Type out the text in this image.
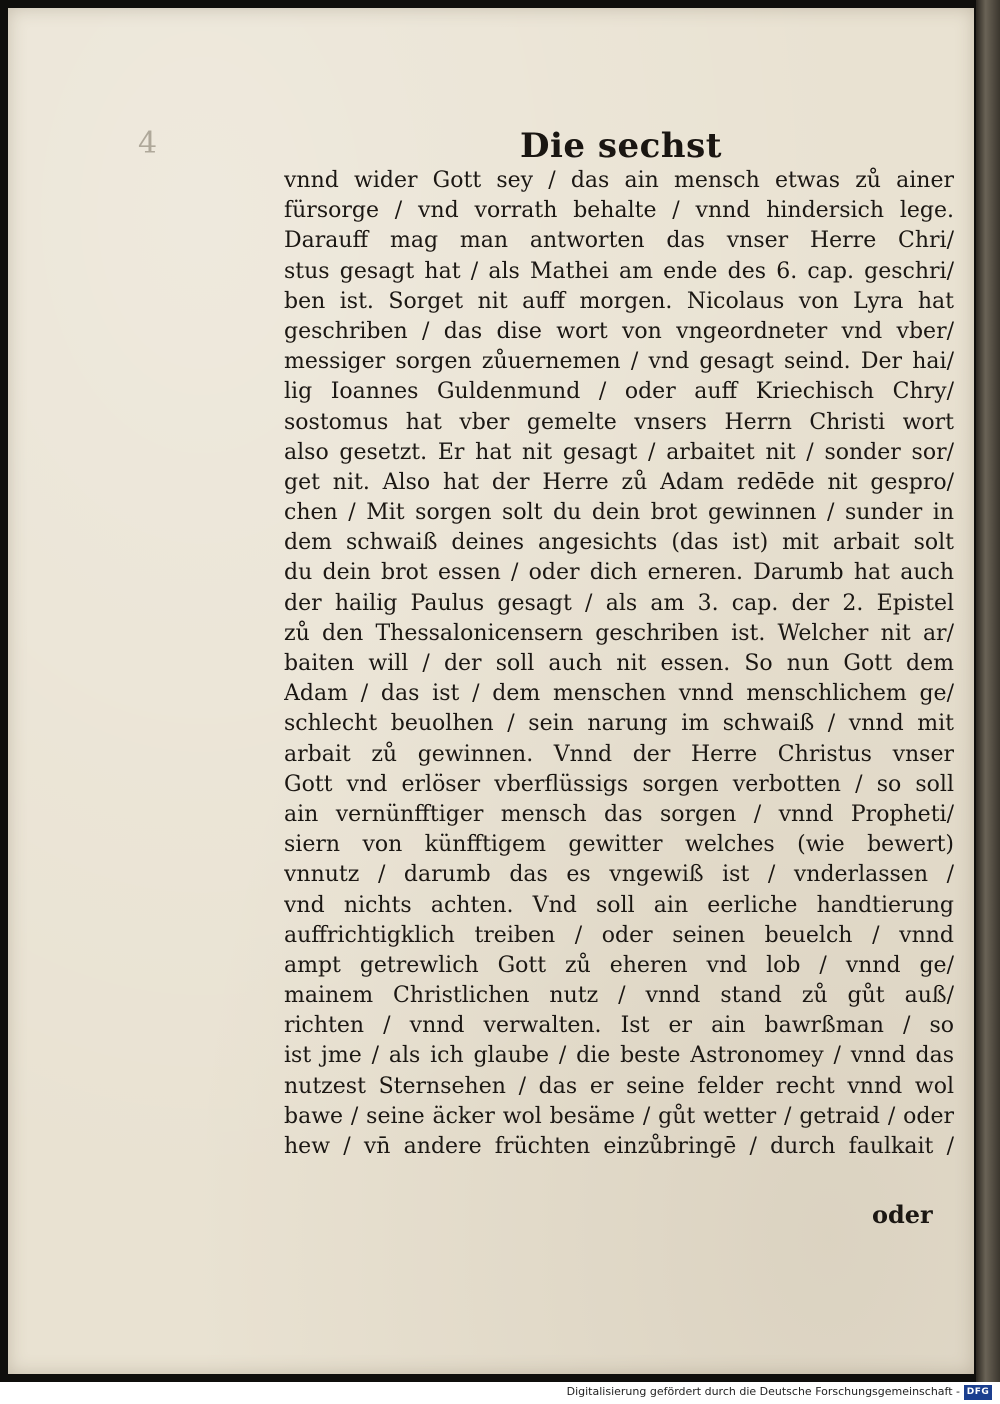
4	Die sechst
vnnd wider Gott sey / das ain mensch etwas zů ainer
fürsorge / vnd vorrath behalte / vnnd hindersich lege.
Darauff mag man antworten das vnser Herre Chri/
stus gesagt hat / als Mathei am ende des 6. cap. geschri/
ben ist. Sorget nit auff morgen. Nicolaus von Lyra hat
geschriben / das dise wort von vngeordneter vnd vber/
messiger sorgen zůuernemen / vnd gesagt seind. Der hai/
lig Ioannes Guldenmund / oder auff Kriechisch Chry/
sostomus hat vber gemelte vnsers Herrn Christi wort
also gesetzt. Er hat nit gesagt / arbaitet nit / sonder sor/
get nit. Also hat der Herre zů Adam redēde nit gespro/
chen / Mit sorgen solt du dein brot gewinnen / sunder in
dem schwaiß deines angesichts (das ist) mit arbait solt
du dein brot essen / oder dich erneren. Darumb hat auch
der hailig Paulus gesagt / als am 3. cap. der 2. Epistel
zů den Thessalonicensern geschriben ist. Welcher nit ar/
baiten will / der soll auch nit essen. So nun Gott dem
Adam / das ist / dem menschen vnnd menschlichem ge/
schlecht beuolhen / sein narung im schwaiß / vnnd mit
arbait zů gewinnen. Vnnd der Herre Christus vnser
Gott vnd erlöser vberflüssigs sorgen verbotten / so soll
ain vernünfftiger mensch das sorgen / vnnd Propheti/
siern von künfftigem gewitter welches (wie bewert)
vnnutz / darumb das es vngewiß ist / vnderlassen /
vnd nichts achten. Vnd soll ain eerliche handtierung
auffrichtigklich treiben / oder seinen beuelch / vnnd
ampt getrewlich Gott zů eheren vnd lob / vnnd ge/
mainem Christlichen nutz / vnnd stand zů gůt auß/
richten / vnnd verwalten. Ist er ain bawrßman / so
ist jme / als ich glaube / die beste Astronomey / vnnd das
nutzest Sternsehen / das er seine felder recht vnnd wol
bawe / seine äcker wol besäme / gůt wetter / getraid / oder
hew / vn̄ andere früchten einzůbringē / durch faulkait /
oder
Digitalisierung gefördert durch die Deutsche Forschungsgemeinschaft - DFG
